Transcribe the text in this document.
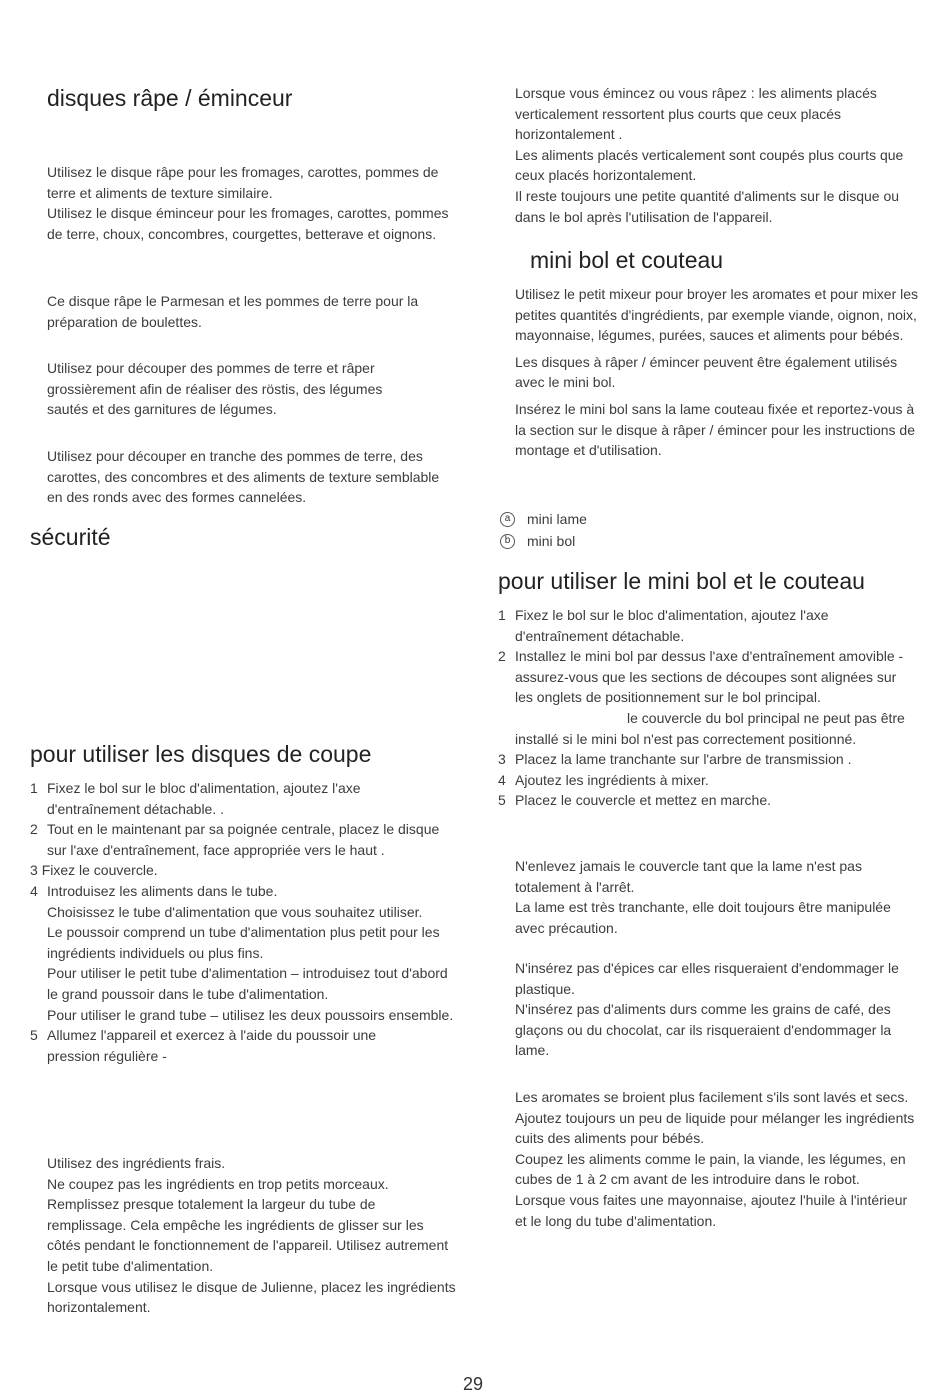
disques râpe / éminceur

Utilisez le disque râpe pour les fromages, carottes, pommes de terre et aliments de texture similaire.

Utilisez le disque éminceur pour les fromages, carottes, pommes de terre, choux, concombres, courgettes, betterave et oignons.

Ce disque râpe le Parmesan et les pommes de terre pour la préparation de boulettes.

Utilisez pour découper des pommes de terre et râper grossièrement afin de réaliser des röstis, des légumes sautés et des garnitures de légumes.

Utilisez pour découper en tranche des pommes de terre, des carottes, des concombres et des aliments de texture semblable en des ronds avec des formes cannelées.

sécurité
pour utiliser les disques de coupe
1 Fixez le bol sur le bloc d'alimentation, ajoutez l'axe d'entraînement détachable. .
2 Tout en le maintenant par sa poignée centrale, placez le disque sur l'axe d'entraînement, face appropriée vers le haut .
3 Fixez le couvercle.
4 Introduisez les aliments dans le tube.
Choisissez le tube d'alimentation que vous souhaitez utiliser.
Le poussoir comprend un tube d'alimentation plus petit pour les ingrédients individuels ou plus fins.
Pour utiliser le petit tube d'alimentation – introduisez tout d'abord le grand poussoir dans le tube d'alimentation.
Pour utiliser le grand tube – utilisez les deux poussoirs ensemble.
5 Allumez l'appareil et exercez à l'aide du poussoir une pression régulière -

Utilisez des ingrédients frais.

Ne coupez pas les ingrédients en trop petits morceaux.

Remplissez presque totalement la largeur du tube de remplissage. Cela empêche les ingrédients de glisser sur les côtés pendant le fonctionnement de l'appareil. Utilisez autrement le petit tube d'alimentation.

Lorsque vous utilisez le disque de Julienne, placez les ingrédients horizontalement.

Lorsque vous émincez ou vous râpez : les aliments placés verticalement ressortent plus courts que ceux placés horizontalement .

Les aliments placés verticalement sont coupés plus courts que ceux placés horizontalement.

Il reste toujours une petite quantité d'aliments sur le disque ou dans le bol après l'utilisation de l'appareil.

mini bol et couteau

Utilisez le petit mixeur pour broyer les aromates et pour mixer les petites quantités d'ingrédients, par exemple viande, oignon, noix, mayonnaise, légumes, purées, sauces et aliments pour bébés.

Les disques à râper / émincer peuvent être également utilisés avec le mini bol.

Insérez le mini bol sans la lame couteau fixée et reportez-vous à la section sur le disque à râper / émincer pour les instructions de montage et d'utilisation.

a	mini lame
b	mini bol
pour utiliser le mini bol et le couteau
1 Fixez le bol sur le bloc d'alimentation, ajoutez l'axe d'entraînement détachable.
2 Installez le mini bol par dessus l'axe d'entraînement amovible - assurez-vous que les sections de découpes sont alignées sur les onglets de positionnement sur le bol principal.
le couvercle du bol principal ne peut pas être installé si le mini bol n'est pas correctement positionné.
3 Placez la lame tranchante sur l'arbre de transmission .
4 Ajoutez les ingrédients à mixer.
5 Placez le couvercle et mettez en marche.

N'enlevez jamais le couvercle tant que la lame n'est pas totalement à l'arrêt.

La lame est très tranchante, elle doit toujours être manipulée avec précaution.

N'insérez pas d'épices car elles risqueraient d'endommager le plastique.

N'insérez pas d'aliments durs comme les grains de café, des glaçons ou du chocolat, car ils risqueraient d'endommager la lame.

Les aromates se broient plus facilement s'ils sont lavés et secs.

Ajoutez toujours un peu de liquide pour mélanger les ingrédients cuits des aliments pour bébés.

Coupez les aliments comme le pain, la viande, les légumes, en cubes de 1 à 2 cm avant de les introduire dans le robot.

Lorsque vous faites une mayonnaise, ajoutez l'huile à l'intérieur et le long du tube d'alimentation.

29
